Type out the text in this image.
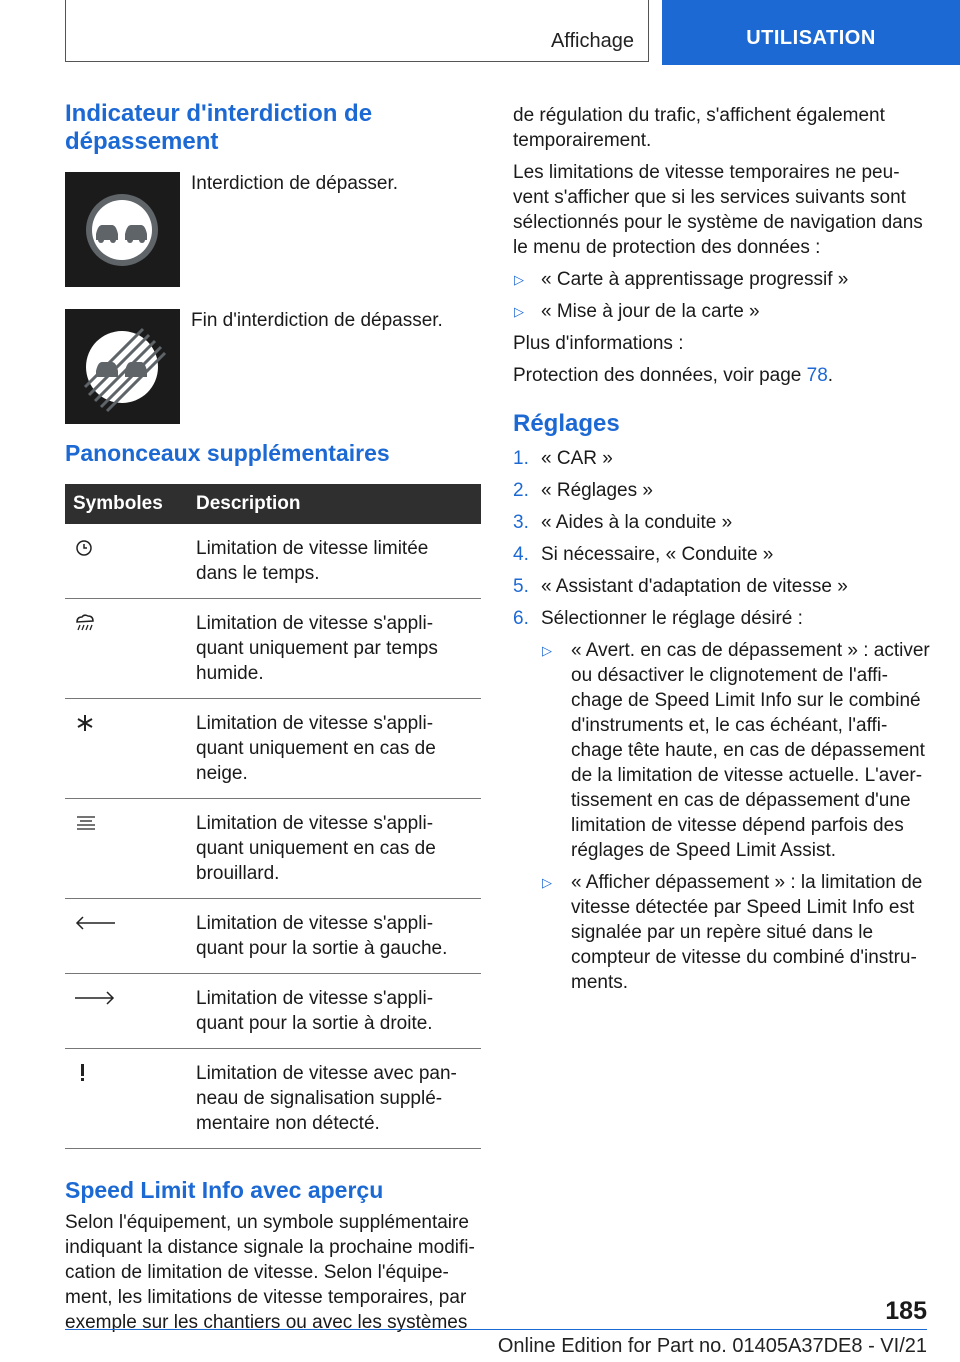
Affichage	UTILISATION
Indicateur d'interdiction de dépassement
Interdiction de dépasser.
Fin d'interdiction de dépasser.
Panonceaux supplémentaires
Symboles	Description
	Limitation de vitesse limitée dans le temps.
	Limitation de vitesse s'appli‐quant uniquement par temps humide.
	Limitation de vitesse s'appli‐quant uniquement en cas de neige.
	Limitation de vitesse s'appli‐quant uniquement en cas de brouillard.
	Limitation de vitesse s'appli‐quant pour la sortie à gauche.
	Limitation de vitesse s'appli‐quant pour la sortie à droite.
	Limitation de vitesse avec pan‐neau de signalisation supplé‐mentaire non détecté.
Speed Limit Info avec aperçu

Selon l'équipement, un symbole supplémentaire indiquant la distance signale la prochaine modifi‐cation de limitation de vitesse. Selon l'équipe‐ment, les limitations de vitesse temporaires, par exemple sur les chantiers ou avec les systèmes

de régulation du trafic, s'affichent également temporairement.

Les limitations de vitesse temporaires ne peu‐vent s'afficher que si les services suivants sont sélectionnés pour le système de navigation dans le menu de protection des données :

▷ « Carte à apprentissage progressif »
▷ « Mise à jour de la carte »

Plus d'informations :

Protection des données, voir page 78.

Réglages
1. « CAR »
2. « Réglages »
3. « Aides à la conduite »
4. Si nécessaire, « Conduite »
5. « Assistant d'adaptation de vitesse »
6. Sélectionner le réglage désiré :
▷ « Avert. en cas de dépassement » : activer ou désactiver le clignotement de l'affi‐chage de Speed Limit Info sur le combiné d'instruments et, le cas échéant, l'affi‐chage tête haute, en cas de dépassement de la limitation de vitesse actuelle. L'aver‐tissement en cas de dépassement d'une limitation de vitesse dépend parfois des réglages de Speed Limit Assist.
▷ « Afficher dépassement » : la limitation de vitesse détectée par Speed Limit Info est signalée par un repère situé dans le compteur de vitesse du combiné d'instru‐ments.
185
Online Edition for Part no. 01405A37DE8 - VI/21
